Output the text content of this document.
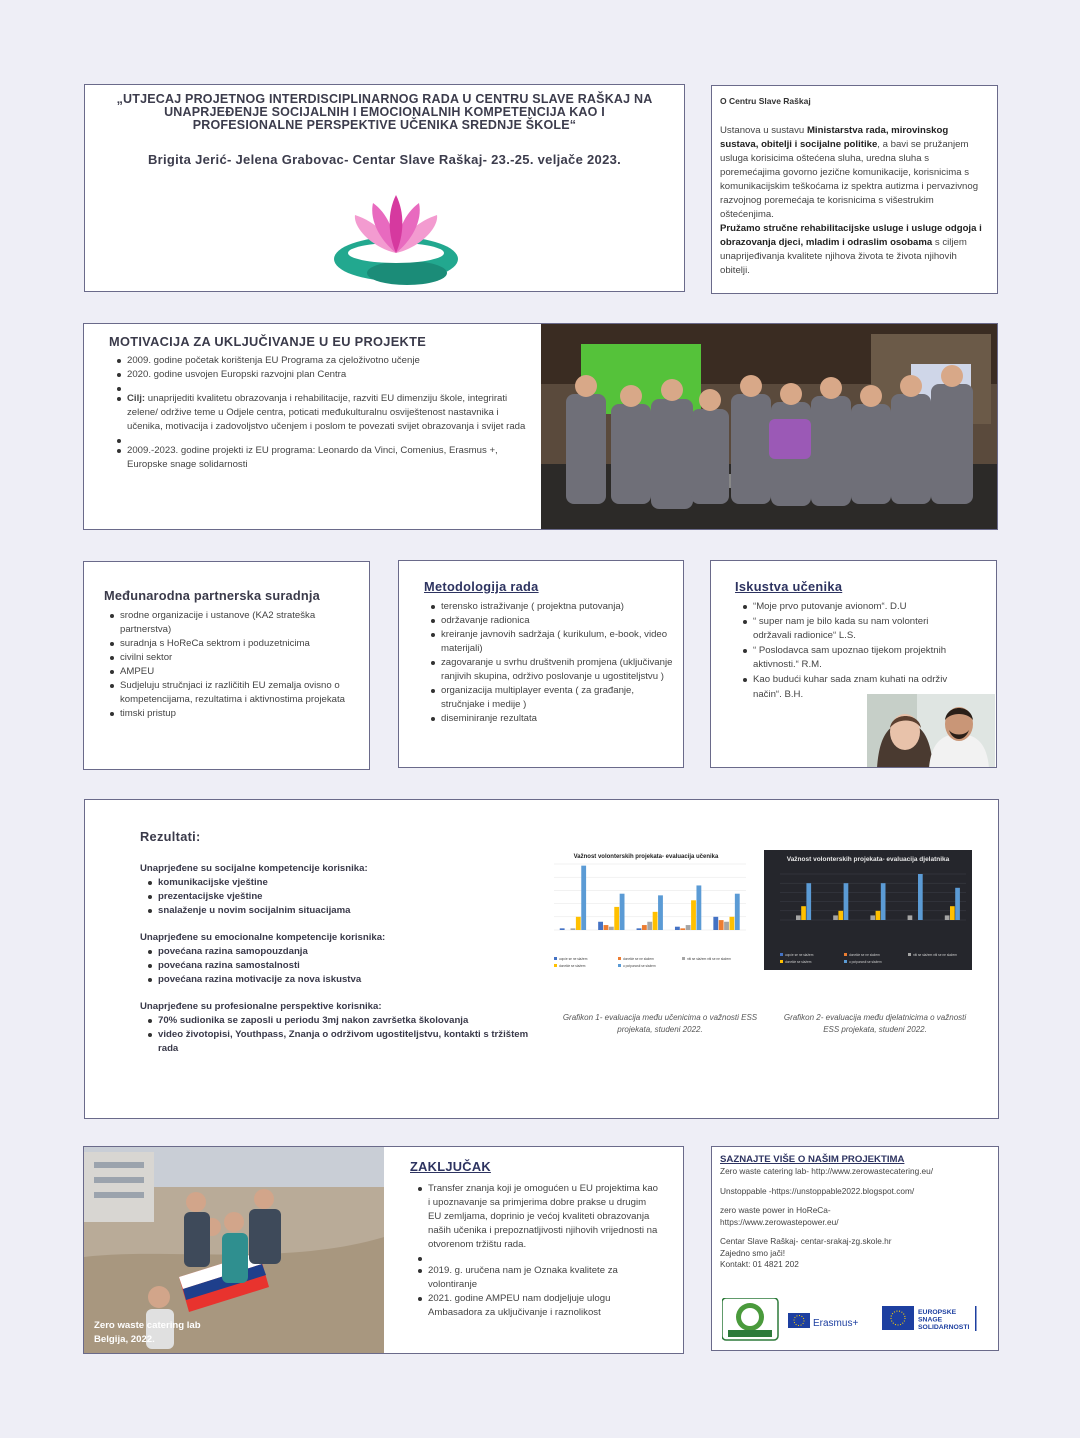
„UTJECAJ PROJETNOG INTERDISCIPLINARNOG RADA U CENTRU SLAVE RAŠKAJ NA UNAPRJEĐENJE SOCIJALNIH I EMOCIONALNIH KOMPETENCIJA KAO I PROFESIONALNE PERSPEKTIVE UČENIKA SREDNJE ŠKOLE“
Brigita Jerić- Jelena Grabovac- Centar Slave Raškaj- 23.-25. veljače 2023.
O Centru Slave Raškaj

Ustanova u sustavu Ministarstva rada, mirovinskog sustava, obitelji i socijalne politike, a bavi se pružanjem usluga korisicima oštećena sluha, uredna sluha s poremećajima govorno jezične komunikacije, korisnicima s komunikacijskim teškoćama iz spektra autizma i pervazivnog razvojnog poremećaja te korisnicima s višestrukim oštećenjima.

Pružamo stručne rehabilitacijske usluge i usluge odgoja i obrazovanja djeci, mladim i odraslim osobama s ciljem unaprijeđivanja kvalitete njihova života te života njihovih obitelji.

MOTIVACIJA ZA UKLJUČIVANJE U EU PROJEKTE
2009. godine početak korištenja EU Programa za cjeloživotno učenje
2020. godine usvojen Europski razvojni plan Centra
Cilj: unaprijediti kvalitetu obrazovanja i rehabilitacije, razviti EU dimenziju škole, integrirati zelene/ održive teme u Odjele centra, poticati međukulturalnu osviještenost nastavnika i učenika, motivacija i zadovoljstvo učenjem i poslom te povezati svijet obrazovanja i svijet rada
2009.-2023. godine projekti iz EU programa: Leonardo da Vinci, Comenius, Erasmus +, Europske snage solidarnosti
Međunarodna partnerska suradnja
srodne organizacije i ustanove (KA2 strateška partnerstva)
suradnja s HoReCa sektrom i poduzetnicima
civilni sektor
AMPEU
Sudjeluju stručnjaci iz različitih EU zemalja ovisno o kompetencijama, rezultatima i aktivnostima projekata
timski pristup
Metodologija rada
terensko istraživanje ( projektna putovanja)
održavanje radionica
kreiranje javnovih sadržaja ( kurikulum, e-book, video materijali)
zagovaranje u svrhu društvenih promjena (uključivanje ranjivih skupina, održivo poslovanje u ugostiteljstvu )
organizacija multiplayer eventa ( za građanje, stručnjake i medije )
diseminiranje rezultata
Iskustva učenika
“Moje prvo putovanje avionom“. D.U
“ super nam je bilo kada su nam volonteri održavali radionice“ L.S.
“ Poslodavca sam upoznao tijekom projektnih aktivnosti.“ R.M.
Kao budući kuhar sada znam kuhati na održiv način“. B.H.
Rezultati:
Unaprjeđene su socijalne kompetencije korisnika:
komunikacijske vještine
prezentacijske vještine
snalaženje u novim socijalnim situacijama
Unaprjeđene su emocionalne kompetencije korisnika:
povećana razina samopouzdanja
povećana razina samostalnosti
povećana razina motivacije za nova iskustva
Unaprjeđene su profesionalne perspektive korisnika:
70% sudionika se zaposli u periodu 3mj nakon završetka školovanja
video životopisi, Youthpass, Znanja o održivom ugostiteljstvu, kontakti s tržištem rada
Važnost volonterskih projekata- evaluacija učenika
uopće se ne slažem	donekle se ne slažem	niti se slažem niti se ne slažem
donekle se slažem	u potpunosti se slažem
Važnost volonterskih projekata- evaluacija djelatnika
uopće se ne slažem	donekle se ne slažem	niti se slažem niti se ne slažem
donekle se slažem	u potpunosti se slažem
Grafikon 1- evaluacija među učenicima o važnosti ESS projekata, studeni 2022.
Grafikon 2- evaluacija među djelatnicima o važnosti ESS projekata, studeni 2022.
Zero waste catering lab
Belgija, 2022.
ZAKLJUČAK
Transfer znanja koji je omogućen u EU projektima kao i upoznavanje sa primjerima dobre prakse u drugim EU zemljama, doprinio je većoj kvaliteti obrazovanja naših učenika i prepoznatljivosti njihovih vrijednosti na otvorenom tržištu rada.
2019. g. uručena nam je Oznaka kvalitete za volontiranje
2021. godine AMPEU nam dodjeljuje ulogu Ambasadora za uključivanje i raznolikost
SAZNAJTE VIŠE O NAŠIM PROJEKTIMA
Zero waste catering lab- http://www.zerowastecatering.eu/
Unstoppable -https://unstoppable2022.blogspot.com/
zero waste power in HoReCa-
https://www.zerowastepower.eu/
Centar Slave Raškaj- centar-srakaj-zg.skole.hr
Zajedno smo jači!
Kontakt: 01 4821 202
Erasmus+
EUROPSKE
SNAGE
SOLIDARNOSTI
